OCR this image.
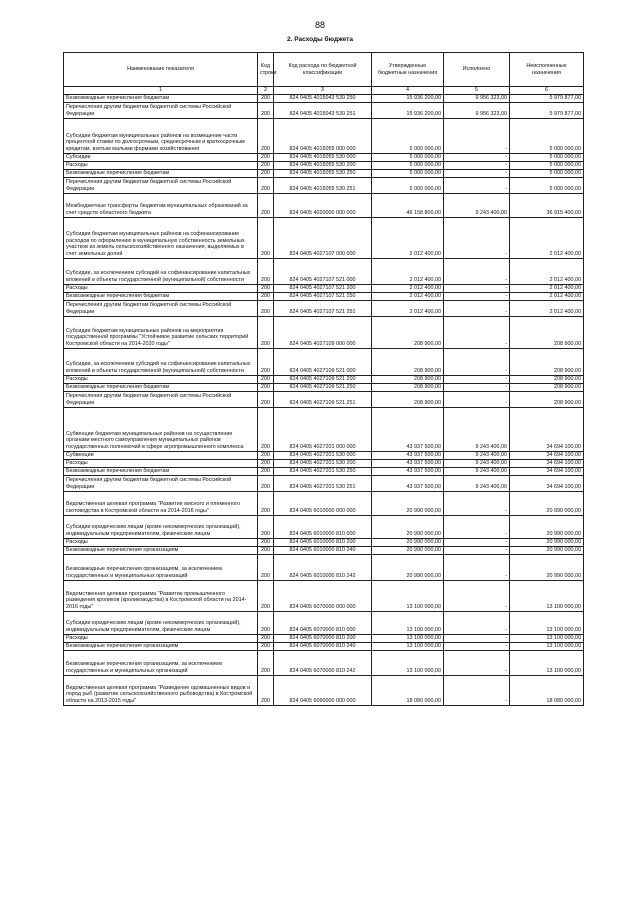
88
2. Расходы бюджета
Наименование показателя	Код строки	Код расхода по бюджетной классификации	Утвержденные бюджетные назначения	Исполнено	Неисполненные назначения
1	2	3	4	5	6
Безвозмездные перечисления бюджетам	200	824 0405 4015043 530 250	15 936 200,00	9 956 323,00	5 979 877,00
Перечисления другим бюджетам бюджетной системы Российской Федерации	200	824 0405 4015043 530 251	15 936 200,00	9 956 323,00	5 979 877,00
Субсидии бюджетам муниципальных районов на возмещение части процентной ставки по долгосрочным, среднесрочным и краткосрочным кредитам, взятым малыми формами хозяйствования	200	824 0405 4015055 000 000	5 000 000,00	-	5 000 000,00
Субсидии	200	824 0405 4015055 530 000	5 000 000,00	-	5 000 000,00
Расходы	200	824 0405 4015055 530 200	5 000 000,00	-	5 000 000,00
Безвозмездные перечисления бюджетам	200	824 0405 4015055 530 250	5 000 000,00	-	5 000 000,00
Перечисления другим бюджетам бюджетной системы Российской Федерации	200	824 0405 4015055 530 251	5 000 000,00	-	5 000 000,00
Межбюджетные трансферты бюджетам муниципальных образований за счет средств областного бюджета	200	824 0405 4020000 000 000	46 158 800,00	9 243 400,00	36 915 400,00
Субсидии бюджетам муниципальных районов на софинансирование расходов по оформлению в муниципальную собственность земельных участков из земель сельскохозяйственного назначения, выделяемых в счет земельных долей	200	824 0405 4027107 000 000	2 012 400,00	-	2 012 400,00
Субсидии, за исключением субсидий на софинансирование капитальных вложений в объекты государственной (муниципальной) собственности	200	824 0405 4027107 521 000	2 012 400,00	-	2 012 400,00
Расходы	200	824 0405 4027107 521 200	2 012 400,00	-	2 012 400,00
Безвозмездные перечисления бюджетам	200	824 0405 4027107 521 250	2 012 400,00	-	2 012 400,00
Перечисления другим бюджетам бюджетной системы Российской Федерации	200	824 0405 4027107 521 251	2 012 400,00	-	2 012 400,00
Субсидии бюджетам муниципальных районов на мероприятия государственной программы "Устойчивое развитие сельских территорий Костромской области на 2014-2020 годы"	200	824 0405 4027109 000 000	208 900,00	-	208 900,00
Субсидии, за исключением субсидий на софинансирование капитальных вложений в объекты государственной (муниципальной) собственности	200	824 0405 4027109 521 000	208 900,00	-	208 900,00
Расходы	200	824 0405 4027109 521 200	208 900,00	-	208 900,00
Безвозмездные перечисления бюджетам	200	824 0405 4027109 521 250	208 900,00	-	208 900,00
Перечисления другим бюджетам бюджетной системы Российской Федерации	200	824 0405 4027109 521 251	208 900,00	-	208 900,00
Субвенции бюджетам муниципальных районов на осуществление органами местного самоуправления муниципальных районов государственных полномочий в сфере агропромышленного комплекса	200	824 0405 4027201 000 000	43 937 500,00	9 243 400,00	34 694 100,00
Субвенции	200	824 0405 4027201 530 000	43 937 500,00	9 243 400,00	34 694 100,00
Расходы	200	824 0405 4027201 530 200	43 937 500,00	9 243 400,00	34 694 100,00
Безвозмездные перечисления бюджетам	200	824 0405 4027201 530 250	43 937 500,00	9 243 400,00	34 694 100,00
Перечисления другим бюджетам бюджетной системы Российской Федерации	200	824 0405 4027201 530 251	43 937 500,00	9 243 400,00	34 694 100,00
Ведомственная целевая программа "Развитие мясного и племенного скотоводства в Костромской области на 2014-2016 годы"	200	824 0405 6010000 000 000	20 990 000,00	-	20 990 000,00
Субсидии юридическим лицам (кроме некоммерческих организаций), индивидуальным предпринимателям, физическим лицам	200	824 0405 6010000 810 000	20 990 000,00	-	20 990 000,00
Расходы	200	824 0405 6010000 810 200	20 990 000,00	-	20 990 000,00
Безвозмездные перечисления организациям	200	824 0405 6010000 810 240	20 990 000,00	-	20 990 000,00
Безвозмездные перечисления организациям, за исключением государственных и муниципальных организаций	200	824 0405 6010000 810 242	20 990 000,00	-	20 990 000,00
Ведомственная целевая программа "Развитие промышленного разведения кроликов (кролиководства) в Костромской области на 2014-2016 годы"	200	824 0405 6070000 000 000	13 100 000,00	-	13 100 000,00
Субсидии юридическим лицам (кроме некоммерческих организаций), индивидуальным предпринимателям, физическим лицам	200	824 0405 6070000 810 000	13 100 000,00	-	13 100 000,00
Расходы	200	824 0405 6070000 810 200	13 100 000,00	-	13 100 000,00
Безвозмездные перечисления организациям	200	824 0405 6070000 810 240	13 100 000,00	-	13 100 000,00
Безвозмездные перечисления организациям, за исключением государственных и муниципальных организаций	200	824 0405 6070000 810 242	13 100 000,00	-	13 100 000,00
Ведомственная целевая программа "Разведение одомашненных видов и пород рыб (развитие сельскохозяйственного рыбоводства) в Костромской области на 2013-2015 годы"	200	824 0405 6090000 000 000	18 080 000,00	-	18 080 000,00
